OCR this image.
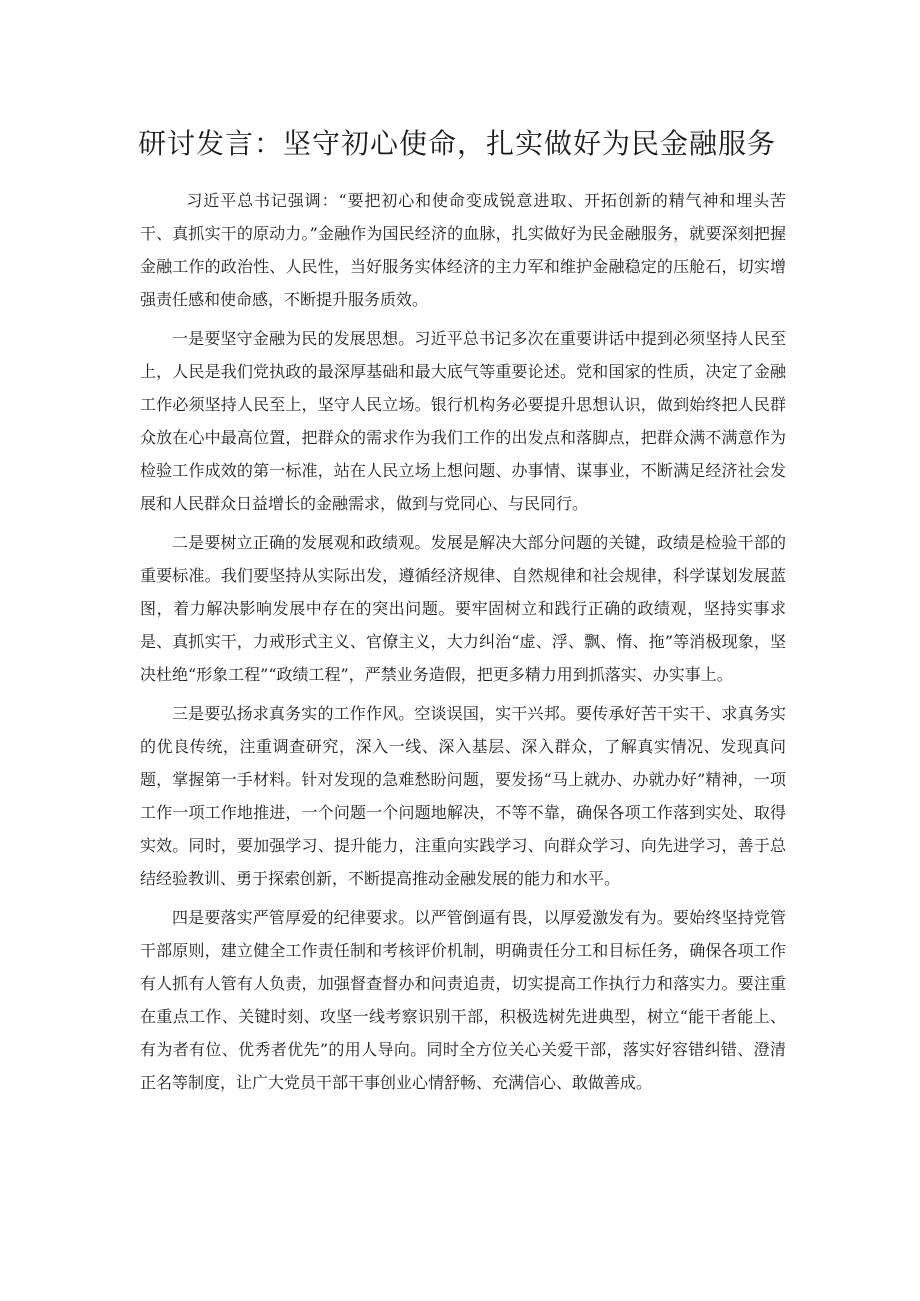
研讨发言：坚守初心使命，扎实做好为民金融服务

习近平总书记强调：“要把初心和使命变成锐意进取、开拓创新的精气神和埋头苦干、真抓实干的原动力。”金融作为国民经济的血脉，扎实做好为民金融服务，就要深刻把握金融工作的政治性、人民性，当好服务实体经济的主力军和维护金融稳定的压舱石，切实增强责任感和使命感，不断提升服务质效。

一是要坚守金融为民的发展思想。习近平总书记多次在重要讲话中提到必须坚持人民至上，人民是我们党执政的最深厚基础和最大底气等重要论述。党和国家的性质，决定了金融工作必须坚持人民至上，坚守人民立场。银行机构务必要提升思想认识，做到始终把人民群众放在心中最高位置，把群众的需求作为我们工作的出发点和落脚点，把群众满不满意作为检验工作成效的第一标准，站在人民立场上想问题、办事情、谋事业，不断满足经济社会发展和人民群众日益增长的金融需求，做到与党同心、与民同行。

二是要树立正确的发展观和政绩观。发展是解决大部分问题的关键，政绩是检验干部的重要标准。我们要坚持从实际出发，遵循经济规律、自然规律和社会规律，科学谋划发展蓝图，着力解决影响发展中存在的突出问题。要牢固树立和践行正确的政绩观，坚持实事求是、真抓实干，力戒形式主义、官僚主义，大力纠治“虚、浮、飘、惰、拖”等消极现象，坚决杜绝“形象工程”“政绩工程”，严禁业务造假，把更多精力用到抓落实、办实事上。

三是要弘扬求真务实的工作作风。空谈误国，实干兴邦。要传承好苦干实干、求真务实的优良传统，注重调查研究，深入一线、深入基层、深入群众，了解真实情况、发现真问题，掌握第一手材料。针对发现的急难愁盼问题，要发扬“马上就办、办就办好”精神，一项工作一项工作地推进，一个问题一个问题地解决，不等不靠，确保各项工作落到实处、取得实效。同时，要加强学习、提升能力，注重向实践学习、向群众学习、向先进学习，善于总结经验教训、勇于探索创新，不断提高推动金融发展的能力和水平。

四是要落实严管厚爱的纪律要求。以严管倒逼有畏，以厚爱激发有为。要始终坚持党管干部原则，建立健全工作责任制和考核评价机制，明确责任分工和目标任务，确保各项工作有人抓有人管有人负责，加强督查督办和问责追责，切实提高工作执行力和落实力。要注重在重点工作、关键时刻、攻坚一线考察识别干部，积极选树先进典型，树立“能干者能上、有为者有位、优秀者优先”的用人导向。同时全方位关心关爱干部，落实好容错纠错、澄清正名等制度，让广大党员干部干事创业心情舒畅、充满信心、敢做善成。
